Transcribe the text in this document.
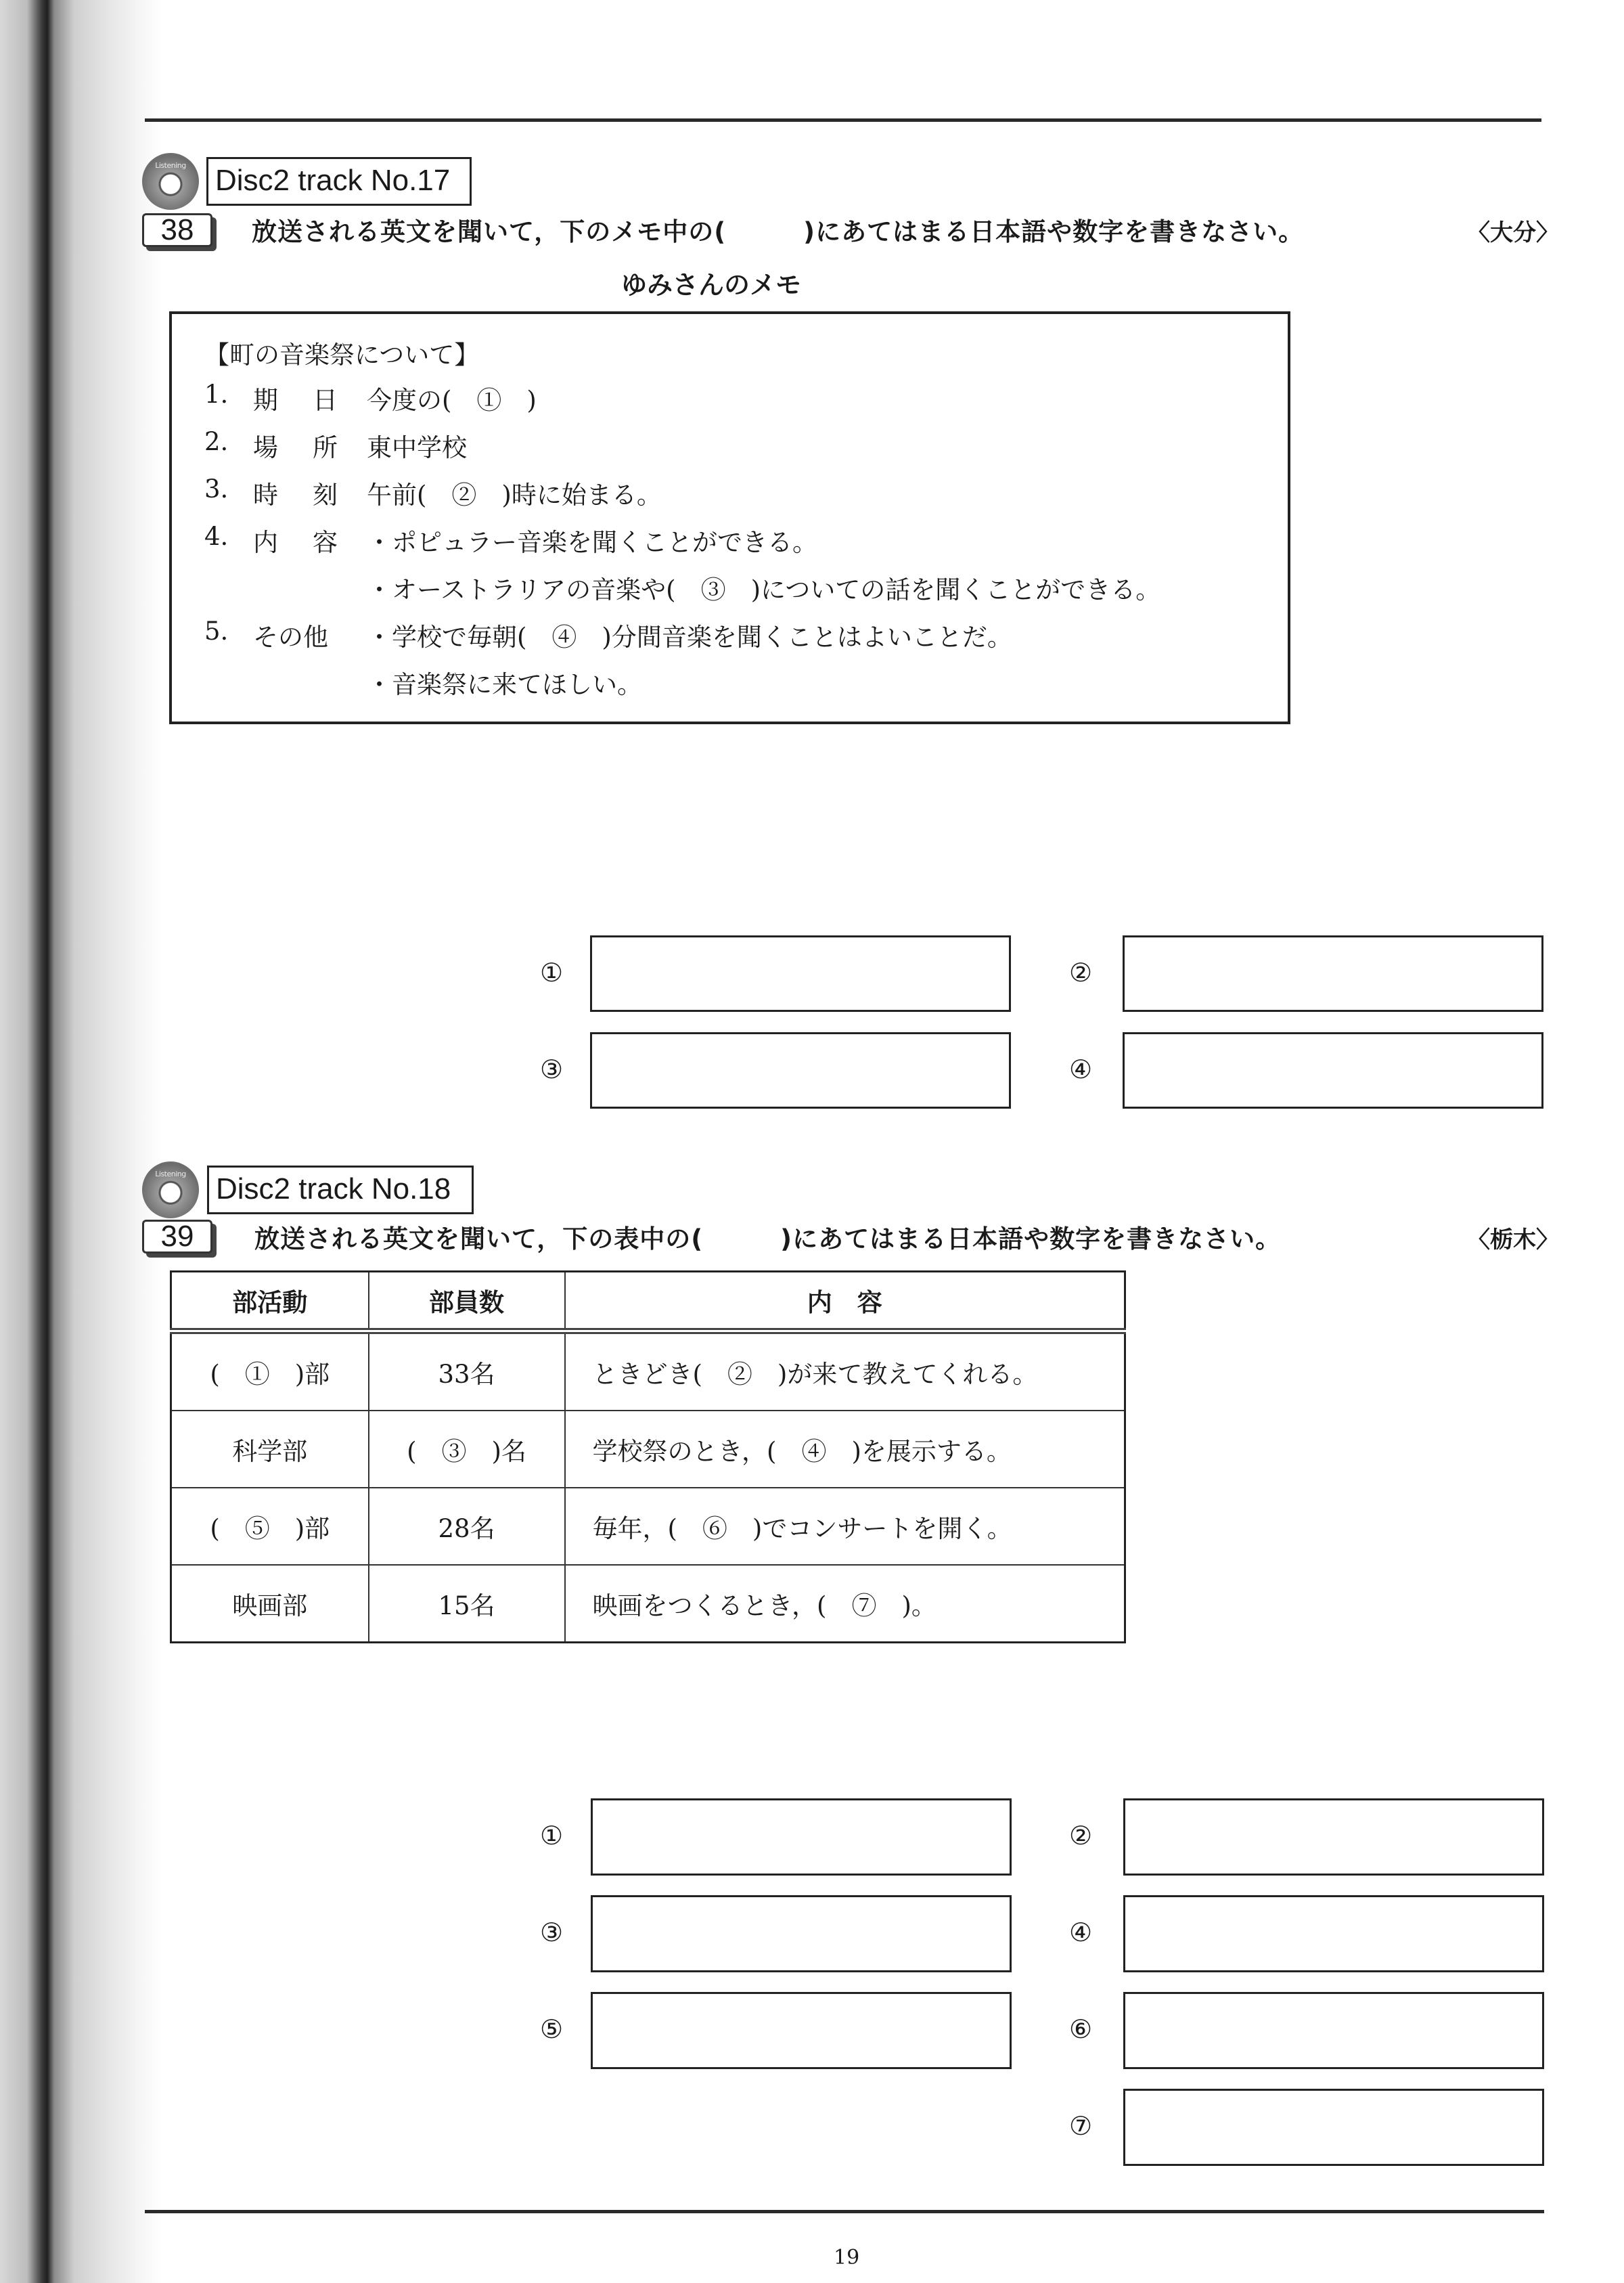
Listening Disc2 track No.17
38	放送される英文を聞いて，下のメモ中の(　　　)にあてはまる日本語や数字を書きなさい。	〈大分〉
ゆみさんのメモ
【町の音楽祭について】
1. 期 日 今度の(　①　)
2. 場 所 東中学校
3. 時 刻 午前(　②　)時に始まる。
4. 内 容 ・ポピュラー音楽を聞くことができる。
・オーストラリアの音楽や(　③　)についての話を聞くことができる。
5. その他 ・学校で毎朝(　④　)分間音楽を聞くことはよいことだ。
・音楽祭に来てほしい。
①	②
③	④
Listening	Disc2 track No.18
39	放送される英文を聞いて，下の表中の(　　　)にあてはまる日本語や数字を書きなさい。	〈栃木〉
部活動	部員数	内　容
(　①　)部	33名	ときどき(　②　)が来て教えてくれる。
科学部	(　③　)名	学校祭のとき，(　④　)を展示する。
(　⑤　)部	28名	毎年，(　⑥　)でコンサートを開く。
映画部	15名	映画をつくるとき，(　⑦　)。
①	②
③	④
⑤	⑥
⑦
19
